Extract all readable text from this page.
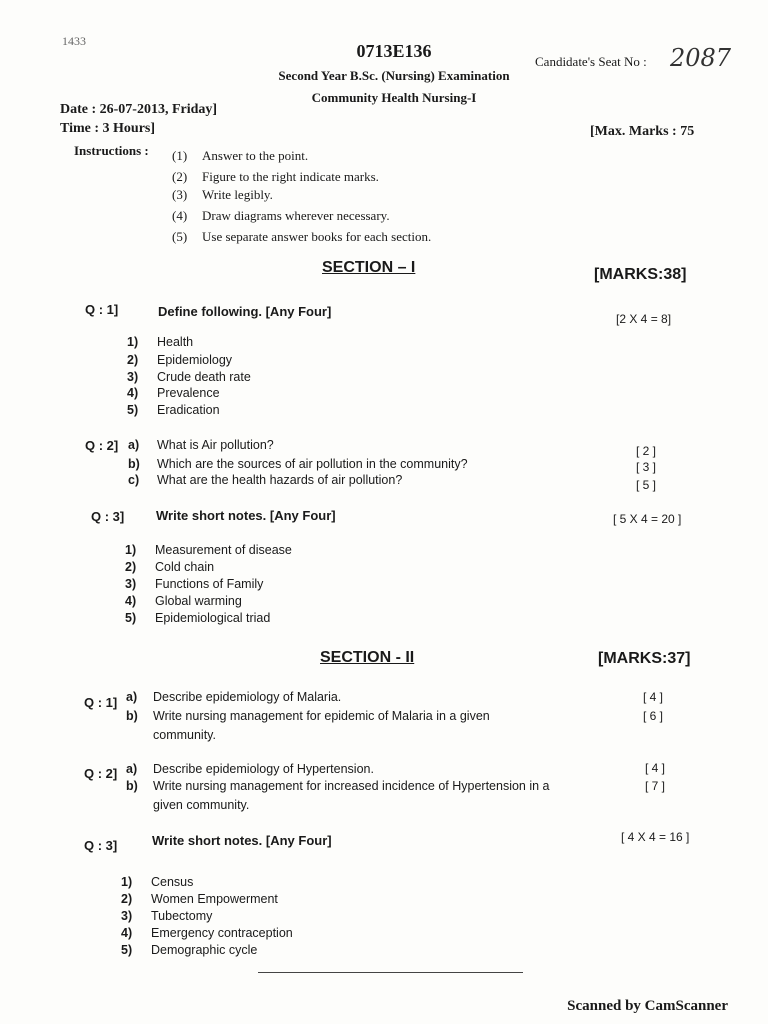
1433	0713E136
Candidate's Seat No : 2087
Second Year B.Sc. (Nursing) Examination
Community Health Nursing-I
Date : 26-07-2013, Friday]
Time : 3 Hours]	[Max. Marks : 75
Instructions : (1) Answer to the point.
(2) Figure to the right indicate marks.
(3) Write legibly.
(4) Draw diagrams wherever necessary.
(5) Use separate answer books for each section.
SECTION – I	[MARKS:38]
Q : 1]	Define following. [Any Four]	[2 X 4 = 8]
1) Health
2) Epidemiology
3) Crude death rate
4) Prevalence
5) Eradication
Q : 2] a) What is Air pollution?	[ 2 ]
b) Which are the sources of air pollution in the community?	[ 3 ]
c) What are the health hazards of air pollution?	[ 5 ]
Q : 3] Write short notes. [Any Four]	[ 5 X 4 = 20 ]
1) Measurement of disease
2) Cold chain
3) Functions of Family
4) Global warming
5) Epidemiological triad
SECTION - II	[MARKS:37]
Q : 1] a) Describe epidemiology of Malaria.	[ 4 ]
b) Write nursing management for epidemic of Malaria in a given
community.
[ 6 ]
Q : 2] a) Describe epidemiology of Hypertension.	[ 4 ]
b) Write nursing management for increased incidence of Hypertension in a
given community.
[ 7 ]
Q : 3]	Write short notes. [Any Four]	[ 4 X 4 = 16 ]
1) Census
2) Women Empowerment
3) Tubectomy
4) Emergency contraception
5) Demographic cycle
Scanned by CamScanner
